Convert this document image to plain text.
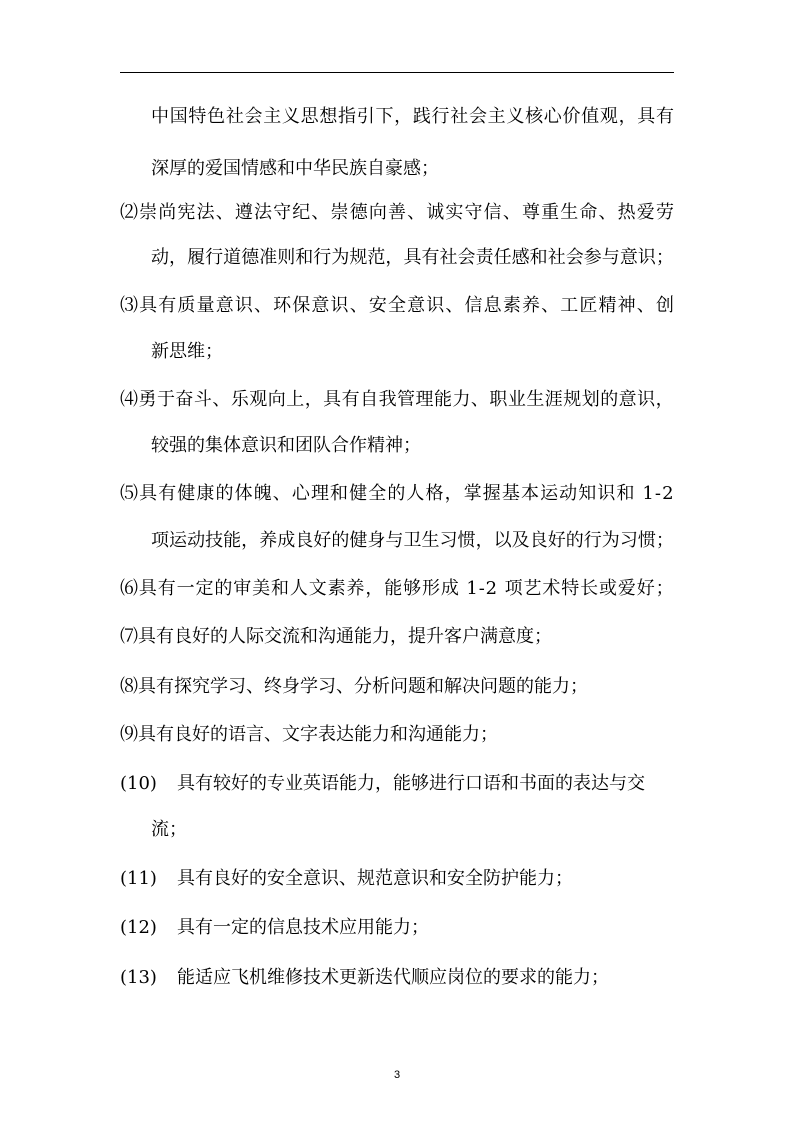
中 国 特 色 社 会 主 义 思 想 指 引 下 ， 践 行 社 会 主 义 核 心 价 值 观 ， 具 有
深厚的爱国情感和中华民族自豪感；
⑵ 崇 尚 宪 法 、 遵 法 守 纪 、 崇 德 向 善 、 诚 实 守 信 、 尊 重 生 命 、 热 爱 劳
动 ， 履 行 道 德 准 则 和 行 为 规 范 ， 具 有 社 会 责 任 感 和 社 会 参 与 意 识 ；
⑶ 具 有 质 量 意 识 、 环 保 意 识 、 安 全 意 识 、 信 息 素 养 、 工 匠 精 神 、 创
新思维；
⑷ 勇 于 奋 斗 、 乐 观 向 上 ， 具 有 自 我 管 理 能 力 、 职 业 生 涯 规 划 的 意 识 ，
较强的集体意识和团队合作精神；
⑸ 具 有 健 康 的 体 魄 、 心 理 和 健 全 的 人 格 ， 掌 握 基 本 运 动 知 识 和
1 - 2
项 运 动 技 能 ， 养 成 良 好 的 健 身 与 卫 生 习 惯 ， 以 及 良 好 的 行 为 习 惯 ；
⑹ 具 有 一 定 的 审 美 和 人 文 素 养 ， 能 够 形 成
1 - 2
项 艺 术 特 长 或 爱 好 ；
⑺具有良好的人际交流和沟通能力，提升客户满意度；
⑻具有探究学习、终身学习、分析问题和解决问题的能力；
⑼具有良好的语言、文字表达能力和沟通能力；
(10) 具有较好的专业英语能力，能够进行口语和书面的表达与交
流；
(11) 具有良好的安全意识、规范意识和安全防护能力；
(12) 具有一定的信息技术应用能力；
(13) 能适应飞机维修技术更新迭代顺应岗位的要求的能力；
3
